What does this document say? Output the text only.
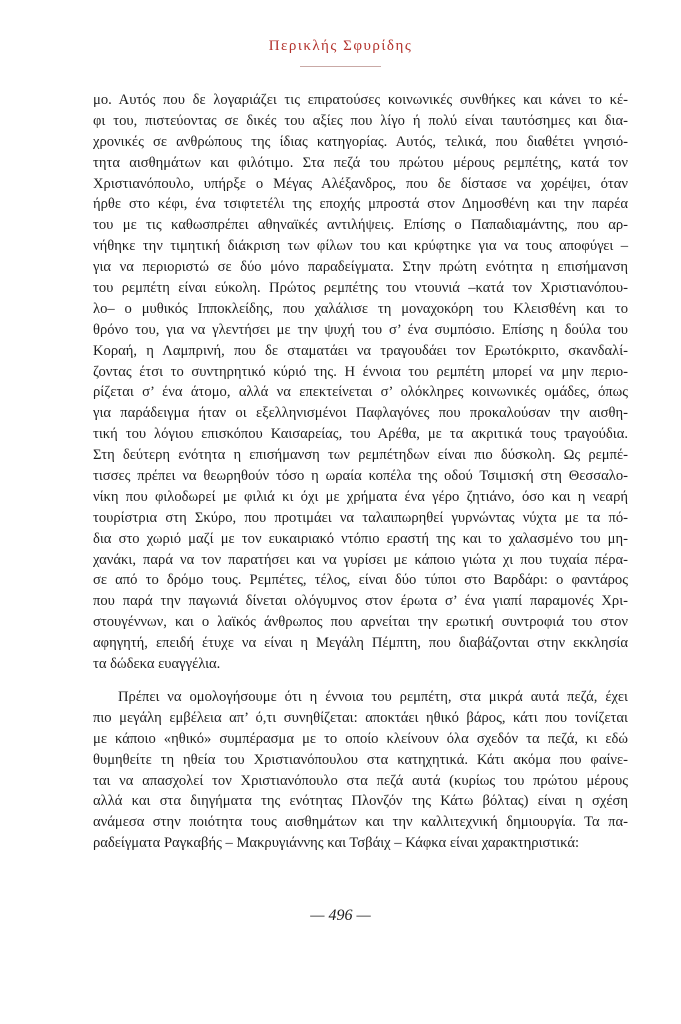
Περικλής Σφυρίδης
μο. Αυτός που δε λογαριάζει τις επιρατούσες κοινωνικές συνθήκες και κάνει το κέ-
φι του, πιστεύοντας σε δικές του αξίες που λίγο ή πολύ είναι ταυτόσημες και δια-
χρονικές σε ανθρώπους της ίδιας κατηγορίας. Αυτός, τελικά, που διαθέτει γνησιό-
τητα αισθημάτων και φιλότιμο. Στα πεζά του πρώτου μέρους ρεμπέτης, κατά τον
Χριστιανόπουλο, υπήρξε ο Μέγας Αλέξανδρος, που δε δίστασε να χορέψει, όταν
ήρθε στο κέφι, ένα τσιφτετέλι της εποχής μπροστά στον Δημοσθένη και την παρέα
του με τις καθωσπρέπει αθηναϊκές αντιλήψεις. Επίσης ο Παπαδιαμάντης, που αρ-
νήθηκε την τιμητική διάκριση των φίλων του και κρύφτηκε για να τους αποφύγει –
για να περιοριστώ σε δύο μόνο παραδείγματα. Στην πρώτη ενότητα η επισήμανση
του ρεμπέτη είναι εύκολη. Πρώτος ρεμπέτης του ντουνιά –κατά τον Χριστιανόπου-
λο– ο μυθικός Ιπποκλείδης, που χαλάλισε τη μοναχοκόρη του Κλεισθένη και το
θρόνο του, για να γλεντήσει με την ψυχή του σ’ ένα συμπόσιο. Επίσης η δούλα του
Κοραή, η Λαμπρινή, που δε σταματάει να τραγουδάει τον Ερωτόκριτο, σκανδαλί-
ζοντας έτσι το συντηρητικό κύριό της. Η έννοια του ρεμπέτη μπορεί να μην περιο-
ρίζεται σ’ ένα άτομο, αλλά να επεκτείνεται σ’ ολόκληρες κοινωνικές ομάδες, όπως
για παράδειγμα ήταν οι εξελληνισμένοι Παφλαγόνες που προκαλούσαν την αισθη-
τική του λόγιου επισκόπου Καισαρείας, του Αρέθα, με τα ακριτικά τους τραγούδια.
Στη δεύτερη ενότητα η επισήμανση των ρεμπέτηδων είναι πιο δύσκολη. Ως ρεμπέ-
τισσες πρέπει να θεωρηθούν τόσο η ωραία κοπέλα της οδού Τσιμισκή στη Θεσσαλο-
νίκη που φιλοδωρεί με φιλιά κι όχι με χρήματα ένα γέρο ζητιάνο, όσο και η νεαρή
τουρίστρια στη Σκύρο, που προτιμάει να ταλαιπωρηθεί γυρνώντας νύχτα με τα πό-
δια στο χωριό μαζί με τον ευκαιριακό ντόπιο εραστή της και το χαλασμένο του μη-
χανάκι, παρά να τον παρατήσει και να γυρίσει με κάποιο γιώτα χι που τυχαία πέρα-
σε από το δρόμο τους. Ρεμπέτες, τέλος, είναι δύο τύποι στο Βαρδάρι: ο φαντάρος
που παρά την παγωνιά δίνεται ολόγυμνος στον έρωτα σ’ ένα γιαπί παραμονές Χρι-
στουγέννων, και ο λαϊκός άνθρωπος που αρνείται την ερωτική συντροφιά του στον
αφηγητή, επειδή έτυχε να είναι η Μεγάλη Πέμπτη, που διαβάζονται στην εκκλησία
τα δώδεκα ευαγγέλια.
Πρέπει να ομολογήσουμε ότι η έννοια του ρεμπέτη, στα μικρά αυτά πεζά, έχει
πιο μεγάλη εμβέλεια απ’ ό,τι συνηθίζεται: αποκτάει ηθικό βάρος, κάτι που τονίζεται
με κάποιο «ηθικό» συμπέρασμα με το οποίο κλείνουν όλα σχεδόν τα πεζά, κι εδώ
θυμηθείτε τη ηθεία του Χριστιανόπουλου στα κατηχητικά. Κάτι ακόμα που φαίνε-
ται να απασχολεί τον Χριστιανόπουλο στα πεζά αυτά (κυρίως του πρώτου μέρους
αλλά και στα διηγήματα της ενότητας Πλονζόν της Κάτω βόλτας) είναι η σχέση
ανάμεσα στην ποιότητα τους αισθημάτων και την καλλιτεχνική δημιουργία. Τα πα-
ραδείγματα Ραγκαβής – Μακρυγιάννης και Τσβάιχ – Κάφκα είναι χαρακτηριστικά:
— 496 —
